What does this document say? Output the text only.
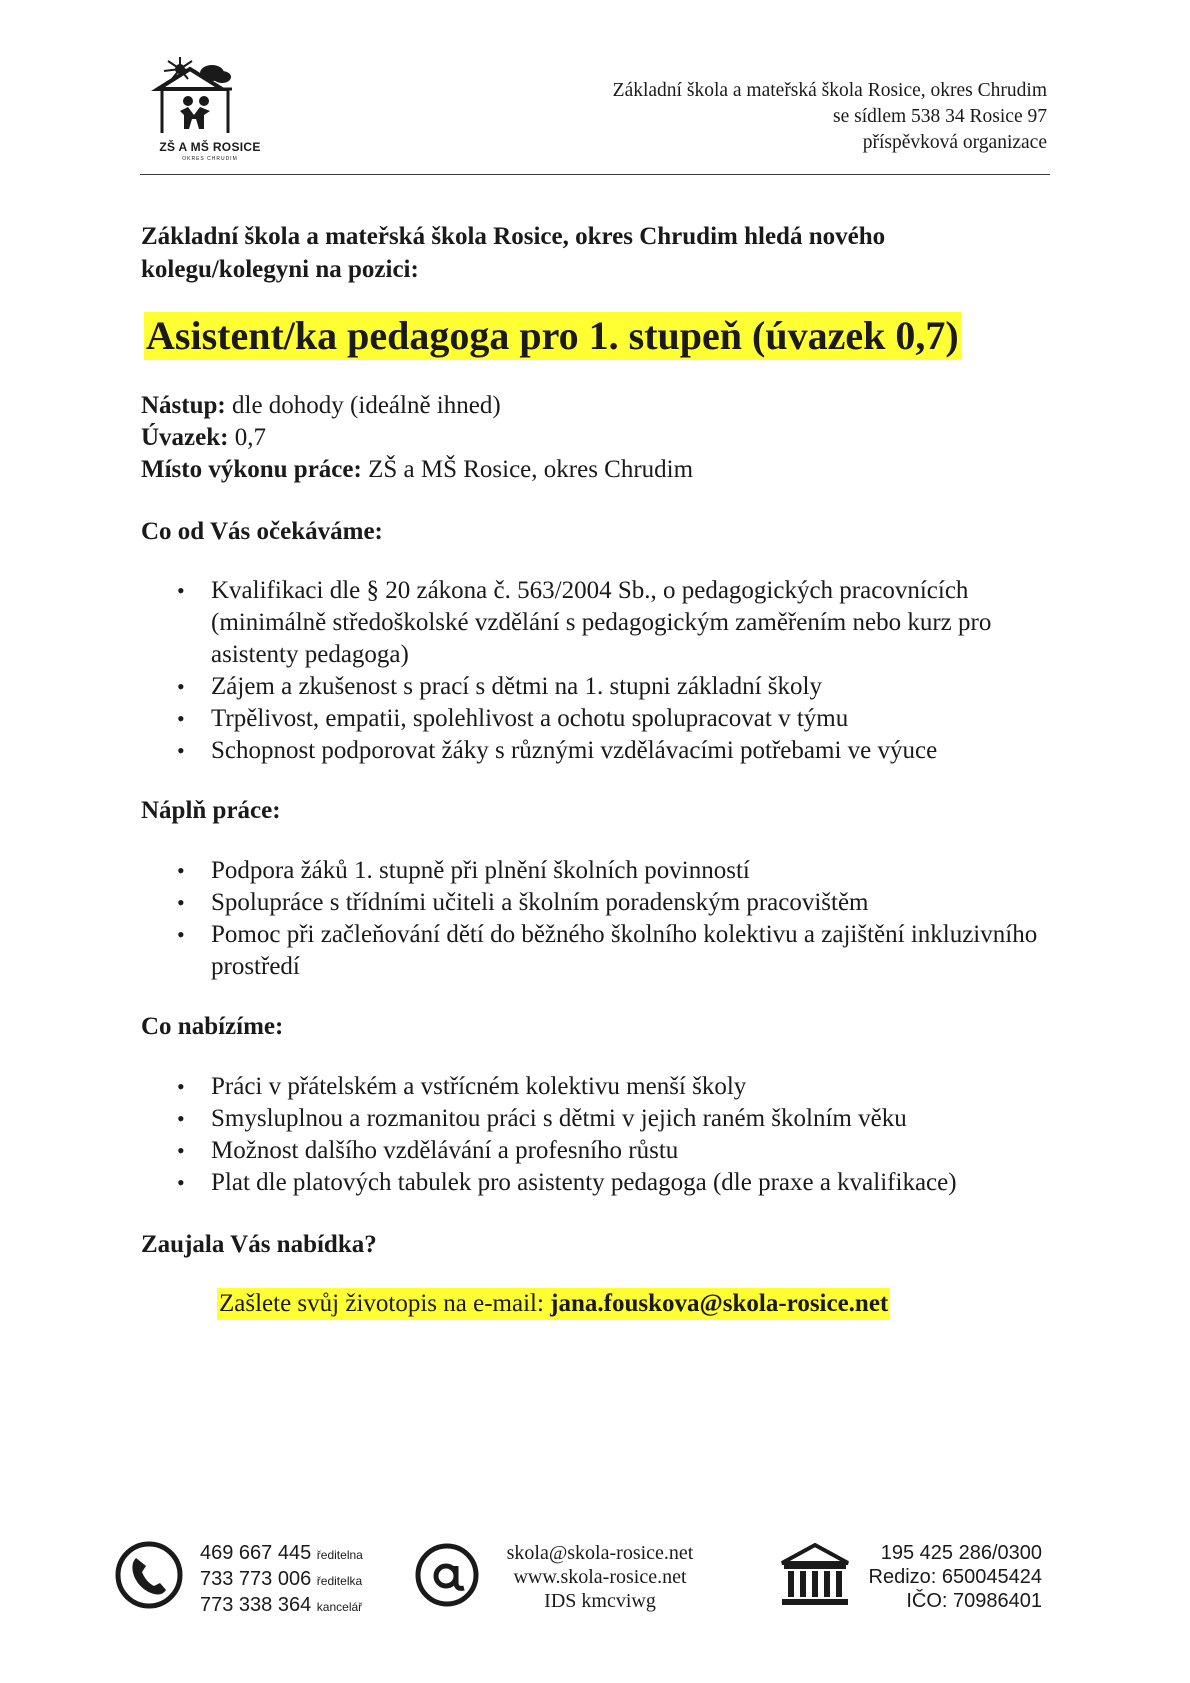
ZŠ A MŠ ROSICE
OKRES CHRUDIM
Základní škola a mateřská škola Rosice, okres Chrudim
se sídlem 538 34 Rosice 97
příspěvková organizace
Základní škola a mateřská škola Rosice, okres Chrudim hledá nového kolegu/kolegyni na pozici:
Asistent/ka pedagoga pro 1. stupeň (úvazek 0,7)
Nástup: dle dohody (ideálně ihned)
Úvazek: 0,7
Místo výkonu práce: ZŠ a MŠ Rosice, okres Chrudim
Co od Vás očekáváme:
• Kvalifikaci dle § 20 zákona č. 563/2004 Sb., o pedagogických pracovnících (minimálně středoškolské vzdělání s pedagogickým zaměřením nebo kurz pro asistenty pedagoga)
• Zájem a zkušenost s prací s dětmi na 1. stupni základní školy
• Trpělivost, empatii, spolehlivost a ochotu spolupracovat v týmu
• Schopnost podporovat žáky s různými vzdělávacími potřebami ve výuce
Náplň práce:
• Podpora žáků 1. stupně při plnění školních povinností
• Spolupráce s třídními učiteli a školním poradenským pracovištěm
• Pomoc při začleňování dětí do běžného školního kolektivu a zajištění inkluzivního prostředí
Co nabízíme:
• Práci v přátelském a vstřícném kolektivu menší školy
• Smysluplnou a rozmanitou práci s dětmi v jejich raném školním věku
• Možnost dalšího vzdělávání a profesního růstu
• Plat dle platových tabulek pro asistenty pedagoga (dle praxe a kvalifikace)
Zaujala Vás nabídka?
Zašlete svůj životopis na e-mail: jana.fouskova@skola-rosice.net
469 667 445 ředitelna
733 773 006 ředitelka
773 338 364 kancelář
skola@skola-rosice.net
www.skola-rosice.net
IDS kmcviwg
195 425 286/0300
Redizo: 650045424
IČO: 70986401
